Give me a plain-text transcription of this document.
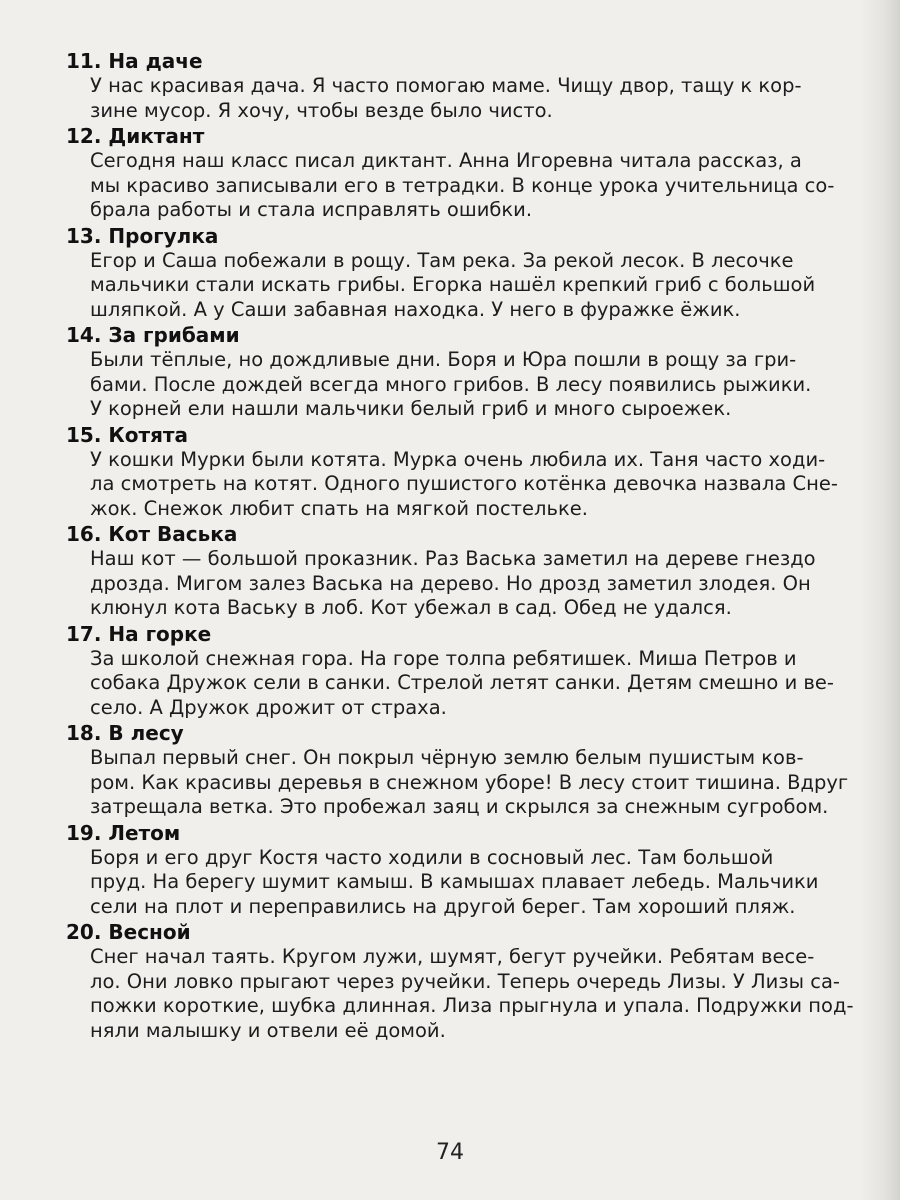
11. На даче
У нас красивая дача. Я часто помогаю маме. Чищу двор, тащу к кор-
зине мусор. Я хочу, чтобы везде было чисто.
12. Диктант
Сегодня наш класс писал диктант. Анна Игоревна читала рассказ, а
мы красиво записывали его в тетрадки. В конце урока учительница со-
брала работы и стала исправлять ошибки.
13. Прогулка
Егор и Саша побежали в рощу. Там река. За рекой лесок. В лесочке
мальчики стали искать грибы. Егорка нашёл крепкий гриб с большой
шляпкой. А у Саши забавная находка. У него в фуражке ёжик.
14. За грибами
Были тёплые, но дождливые дни. Боря и Юра пошли в рощу за гри-
бами. После дождей всегда много грибов. В лесу появились рыжики.
У корней ели нашли мальчики белый гриб и много сыроежек.
15. Котята
У кошки Мурки были котята. Мурка очень любила их. Таня часто ходи-
ла смотреть на котят. Одного пушистого котёнка девочка назвала Сне-
жок. Снежок любит спать на мягкой постельке.
16. Кот Васька
Наш кот — большой проказник. Раз Васька заметил на дереве гнездо
дрозда. Мигом залез Васька на дерево. Но дрозд заметил злодея. Он
клюнул кота Ваську в лоб. Кот убежал в сад. Обед не удался.
17. На горке
За школой снежная гора. На горе толпа ребятишек. Миша Петров и
собака Дружок сели в санки. Стрелой летят санки. Детям смешно и ве-
село. А Дружок дрожит от страха.
18. В лесу
Выпал первый снег. Он покрыл чёрную землю белым пушистым ков-
ром. Как красивы деревья в снежном уборе! В лесу стоит тишина. Вдруг
затрещала ветка. Это пробежал заяц и скрылся за снежным сугробом.
19. Летом
Боря и его друг Костя часто ходили в сосновый лес. Там большой
пруд. На берегу шумит камыш. В камышах плавает лебедь. Мальчики
сели на плот и переправились на другой берег. Там хороший пляж.
20. Весной
Снег начал таять. Кругом лужи, шумят, бегут ручейки. Ребятам весе-
ло. Они ловко прыгают через ручейки. Теперь очередь Лизы. У Лизы са-
пожки короткие, шубка длинная. Лиза прыгнула и упала. Подружки под-
няли малышку и отвели её домой.
74
